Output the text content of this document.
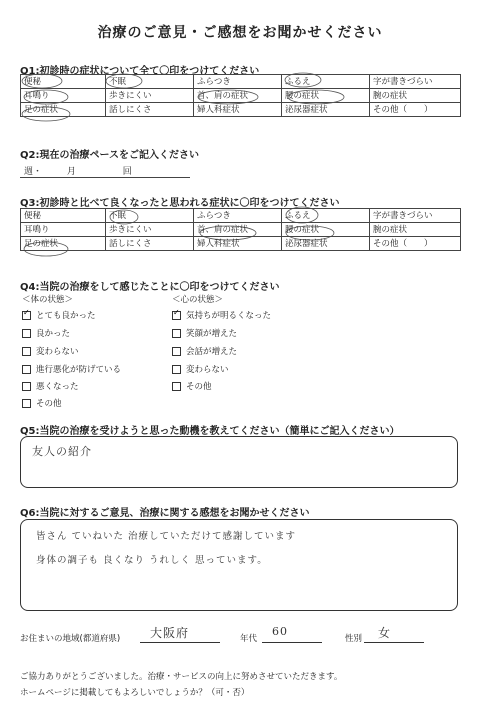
治療のご意見・ご感想をお聞かせください
Q1:初診時の症状について全て〇印をつけてください
便秘	不眠	ふらつき	ふるえ	字が書きづらい
耳鳴り	歩きにくい	首、肩の症状	腰の症状	腕の症状
足の症状	話しにくさ	婦人科症状	泌尿器症状	その他（　　）
Q2:現在の治療ペースをご記入ください
週・	月	回
Q3:初診時と比べて良くなったと思われる症状に〇印をつけてください
便秘	不眠	ふらつき	ふるえ	字が書きづらい
耳鳴り	歩きにくい	首、肩の症状	腰の症状	腕の症状
足の症状	話しにくさ	婦人科症状	泌尿器症状	その他（　　）
Q4:当院の治療をして感じたことに〇印をつけてください
＜体の状態＞	＜心の状態＞
✓
とても良かった
良かった
変わらない
進行悪化が防げている
悪くなった
その他
✓
気持ちが明るくなった
笑顔が増えた
会話が増えた
変わらない
その他
Q5:当院の治療を受けようと思った動機を教えてください（簡単にご記入ください）
友人の紹介
Q6:当院に対するご意見、治療に関する感想をお聞かせください
皆さん ていねいた 治療していただけて感謝しています
身体の調子も 良くなり うれしく 思っています。
お住まいの地域(都道府県) 大阪府	年代
60
性別 女
ご協力ありがとうございました。治療・サービスの向上に努めさせていただきます。
ホームページに掲載してもよろしいでしょうか？（可・否）
